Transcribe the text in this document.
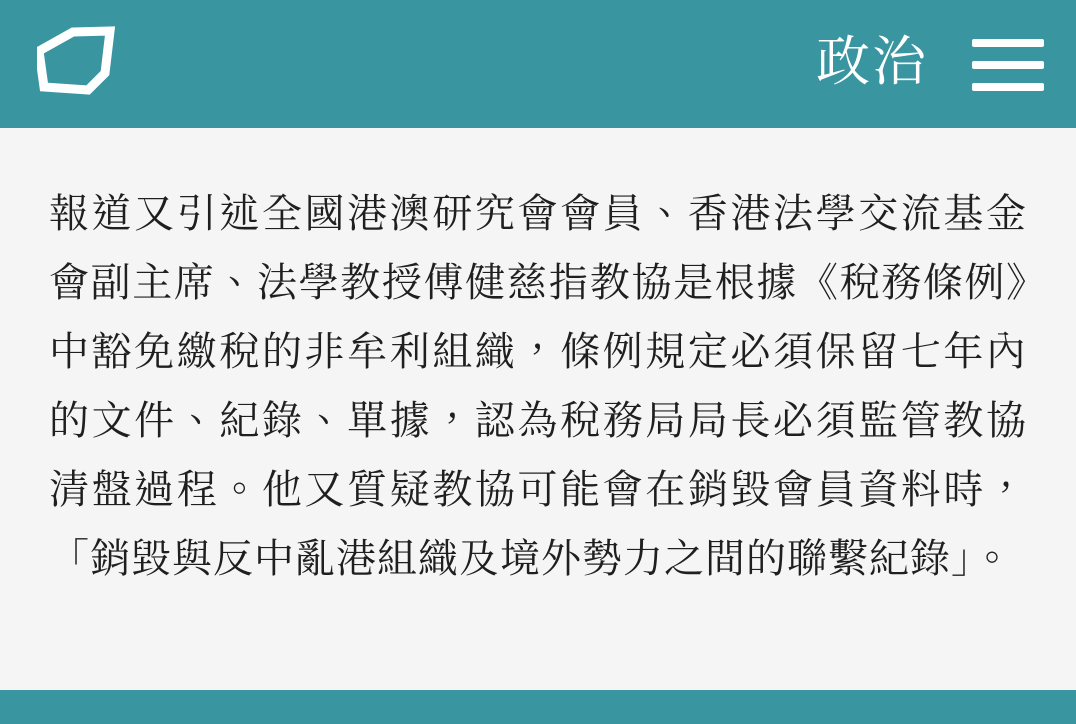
政治

報道又引述全國港澳研究會會員、香港法學交流基金會副主席、法學教授傅健慈指教協是根據《稅務條例》中豁免繳稅的非牟利組織，條例規定必須保留七年內的文件、紀錄、單據，認為稅務局局長必須監管教協清盤過程。他又質疑教協可能會在銷毀會員資料時，「銷毀與反中亂港組織及境外勢力之間的聯繫紀錄」。
